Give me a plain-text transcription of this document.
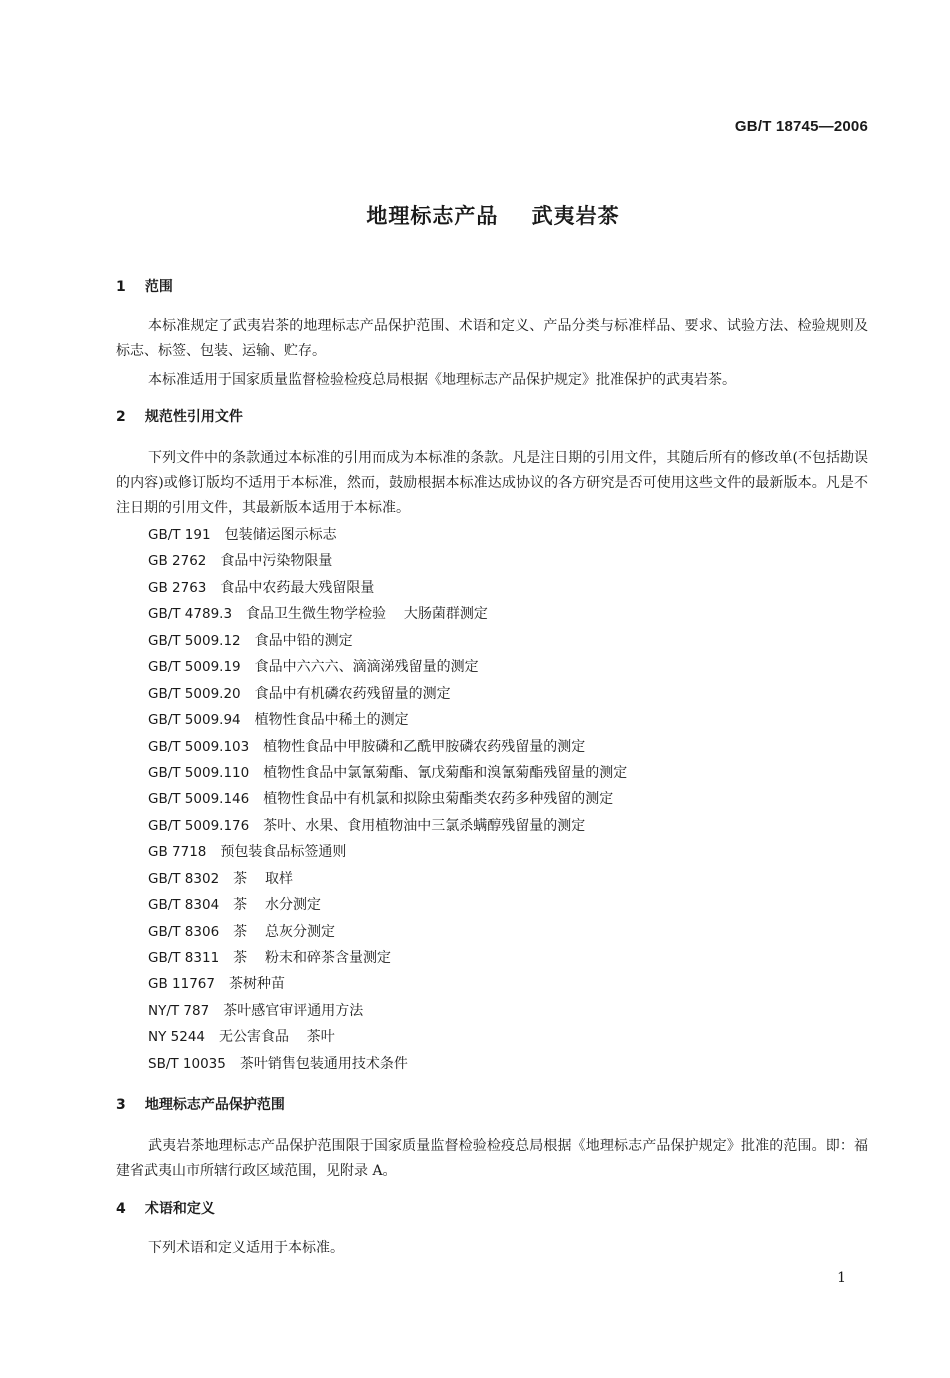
GB/T 18745—2006
地理标志产品    武夷岩茶
1 范围

本标准规定了武夷岩茶的地理标志产品保护范围、术语和定义、产品分类与标准样品、要求、试验方法、检验规则及标志、标签、包装、运输、贮存。

本标准适用于国家质量监督检验检疫总局根据《地理标志产品保护规定》批准保护的武夷岩茶。

2 规范性引用文件

下列文件中的条款通过本标准的引用而成为本标准的条款。凡是注日期的引用文件，其随后所有的修改单(不包括勘误的内容)或修订版均不适用于本标准，然而，鼓励根据本标准达成协议的各方研究是否可使用这些文件的最新版本。凡是不注日期的引用文件，其最新版本适用于本标准。

GB/T 191 包装储运图示标志
GB 2762 食品中污染物限量
GB 2763 食品中农药最大残留限量
GB/T 4789.3 食品卫生微生物学检验    大肠菌群测定
GB/T 5009.12 食品中铅的测定
GB/T 5009.19 食品中六六六、滴滴涕残留量的测定
GB/T 5009.20 食品中有机磷农药残留量的测定
GB/T 5009.94 植物性食品中稀土的测定
GB/T 5009.103 植物性食品中甲胺磷和乙酰甲胺磷农药残留量的测定
GB/T 5009.110 植物性食品中氯氰菊酯、氰戊菊酯和溴氰菊酯残留量的测定
GB/T 5009.146 植物性食品中有机氯和拟除虫菊酯类农药多种残留的测定
GB/T 5009.176 茶叶、水果、食用植物油中三氯杀螨醇残留量的测定
GB 7718 预包装食品标签通则
GB/T 8302 茶    取样
GB/T 8304 茶    水分测定
GB/T 8306 茶    总灰分测定
GB/T 8311 茶    粉末和碎茶含量测定
GB 11767 茶树种苗
NY/T 787 茶叶感官审评通用方法
NY 5244 无公害食品    茶叶
SB/T 10035 茶叶销售包装通用技术条件
3 地理标志产品保护范围

武夷岩茶地理标志产品保护范围限于国家质量监督检验检疫总局根据《地理标志产品保护规定》批准的范围。即：福建省武夷山市所辖行政区域范围，见附录 A。

4 术语和定义

下列术语和定义适用于本标准。

1
